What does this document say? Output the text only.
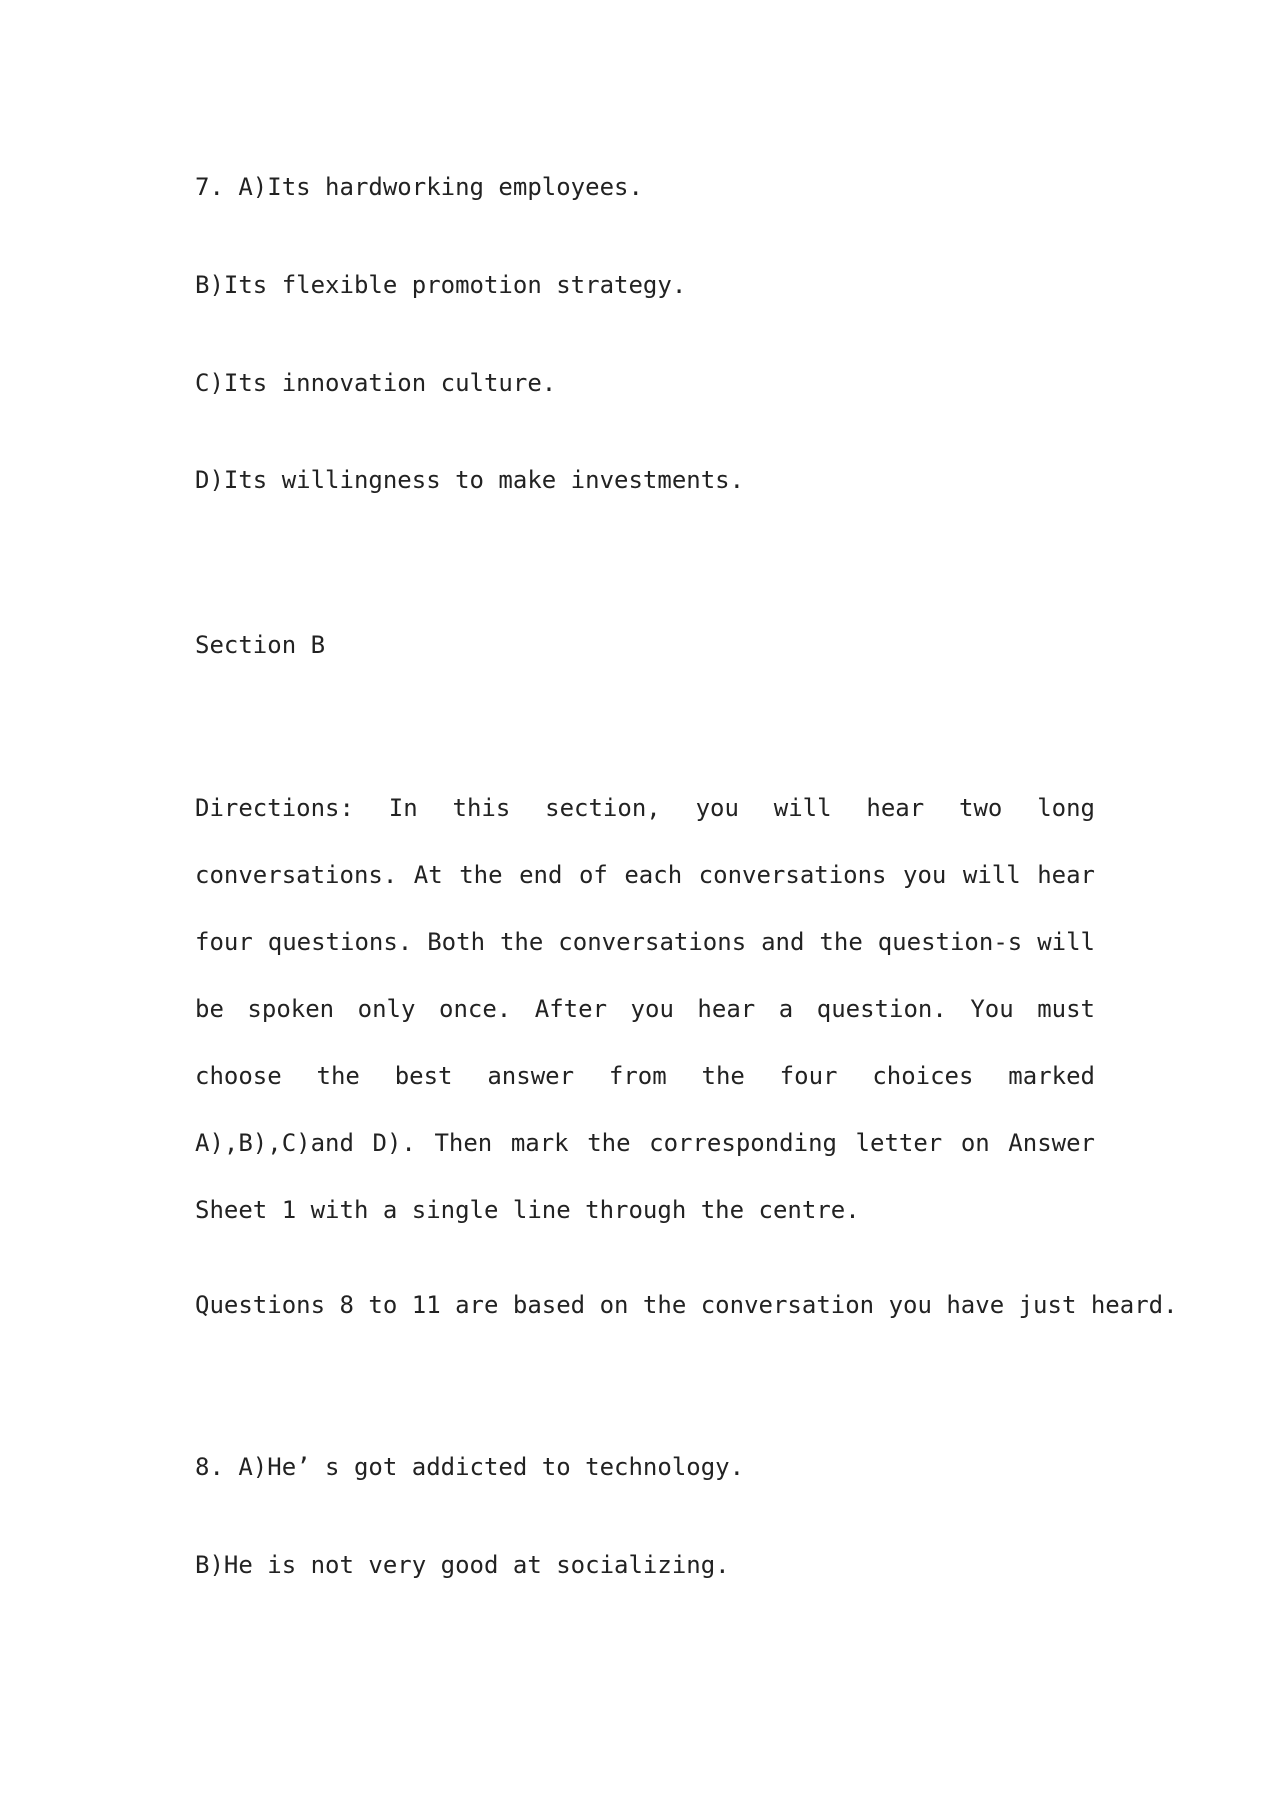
7. A)Its hardworking employees.
B)Its flexible promotion strategy.
C)Its innovation culture.
D)Its willingness to make investments.
Section B
Directions: In this section, you will hear two long conversations. At the end of each conversations you will hear four questions. Both the conversations and the question-s will be spoken only once. After you hear a question. You must choose the best answer from the four choices marked A),B),C)and D). Then mark the corresponding letter on Answer Sheet 1 with a single line through the centre.
Questions 8 to 11 are based on the conversation you have just heard.
8. A)He’ s got addicted to technology.
B)He is not very good at socializing.
